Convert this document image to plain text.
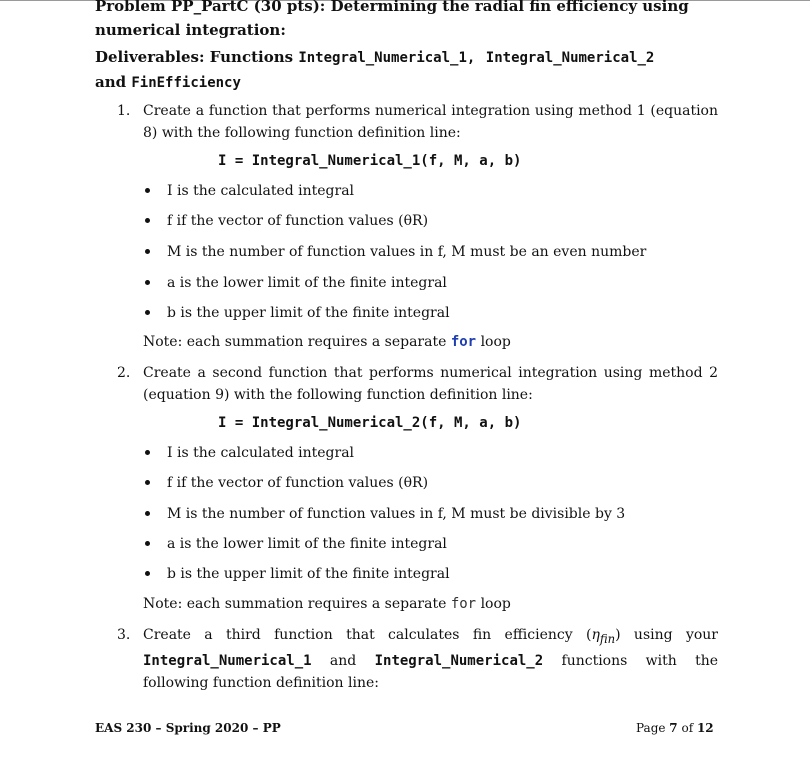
Problem PP_PartC (30 pts): Determining the radial fin efficiency using numerical integration:
Deliverables: Functions Integral_Numerical_1, Integral_Numerical_2
and FinEfficiency
1. Create a function that performs numerical integration using method 1 (equation 8) with the following function definition line:
I = Integral_Numerical_1(f, M, a, b)
I is the calculated integral
f if the vector of function values (θR)
M is the number of function values in f, M must be an even number
a is the lower limit of the finite integral
b is the upper limit of the finite integral
Note: each summation requires a separate for loop
2. Create a second function that performs numerical integration using method 2 (equation 9) with the following function definition line:
I = Integral_Numerical_2(f, M, a, b)
I is the calculated integral
f if the vector of function values (θR)
M is the number of function values in f, M must be divisible by 3
a is the lower limit of the finite integral
b is the upper limit of the finite integral
Note: each summation requires a separate for loop
3. Create a third function that calculates fin efficiency $(\eta_{fin})$ using your Integral_Numerical_1 and Integral_Numerical_2 functions with the following function definition line:
EAS 230 – Spring 2020 – PP	Page 7 of 12
